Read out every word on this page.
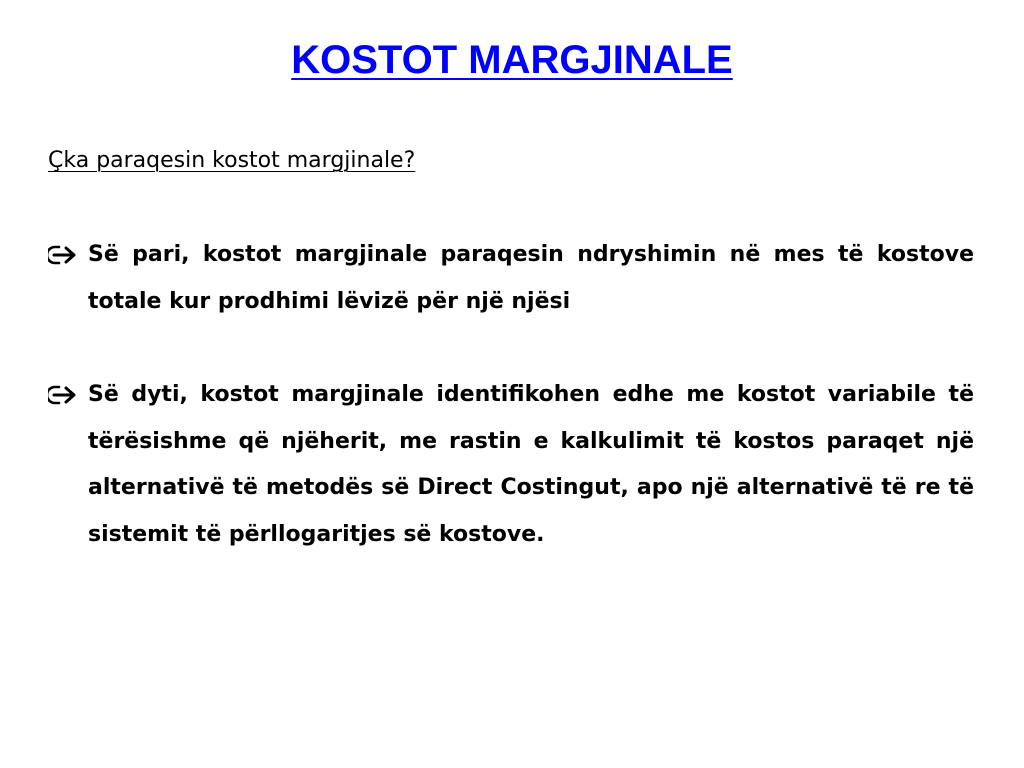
KOSTOT MARGJINALE
Çka paraqesin kostot margjinale?
Së pari, kostot margjinale paraqesin ndryshimin në mes të kostove totale kur prodhimi lëvizë për një njësi
Së dyti, kostot margjinale identifikohen edhe me kostot variabile të tërësishme që njëherit, me rastin e kalkulimit të kostos paraqet një alternativë të metodës së Direct Costingut, apo një alternativë të re të sistemit të përllogaritjes së kostove.
